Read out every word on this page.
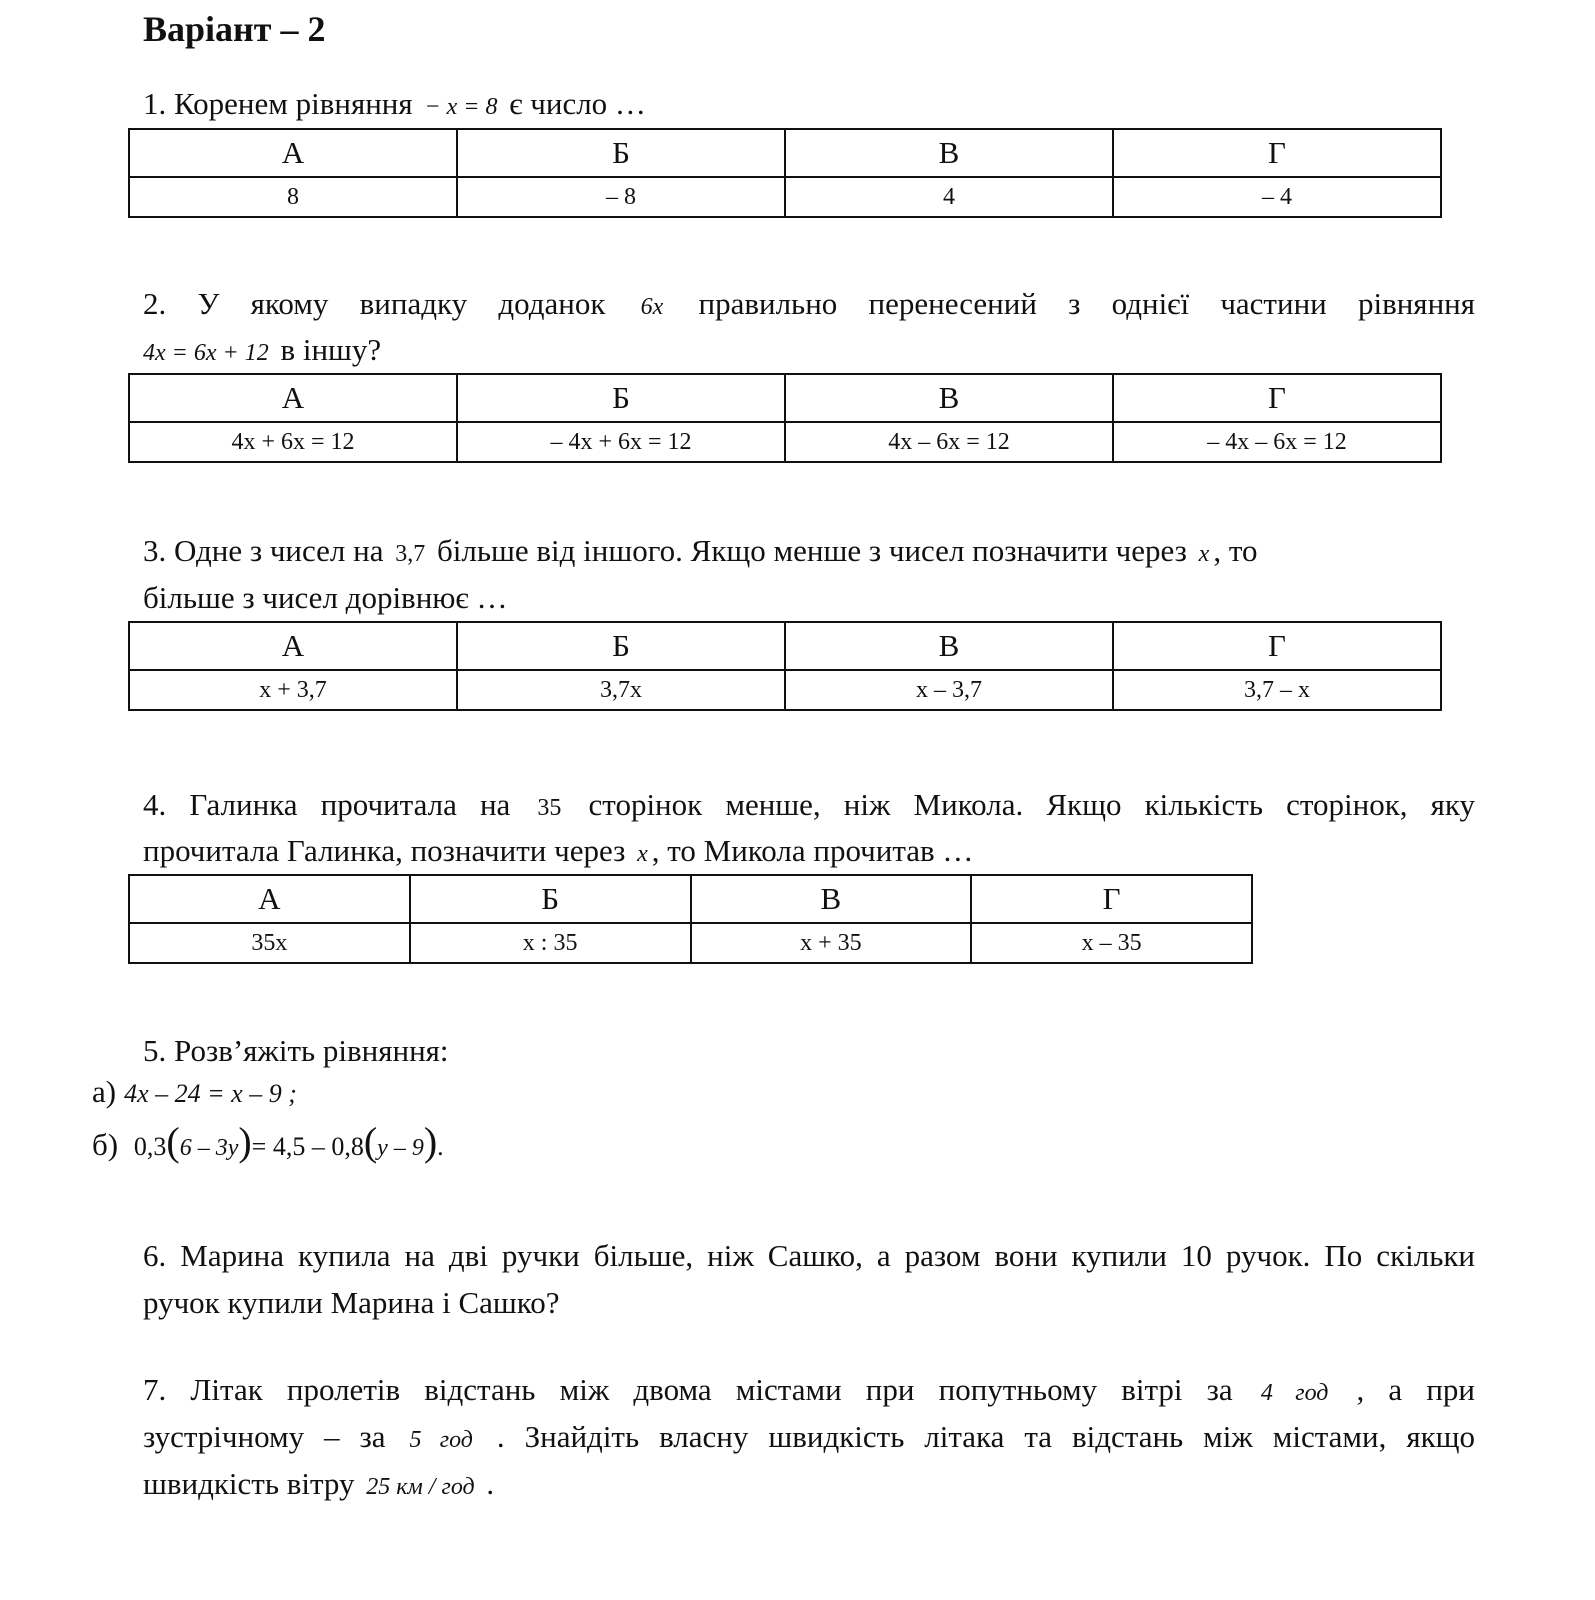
Варіант – 2
1. Коренем рівняння − x = 8 є число …
А	Б	В	Г
8	– 8	4	– 4
2. У якому випадку доданок 6x правильно перенесений з однієї частини рівняння
4x = 6x + 12 в іншу?
А	Б	В	Г
4x + 6x = 12	– 4x + 6x = 12	4x – 6x = 12	– 4x – 6x = 12
3. Одне з чисел на 3,7 більше від іншого. Якщо менше з чисел позначити через x , то
більше з чисел дорівнює …
А	Б	В	Г
x + 3,7	3,7x	x – 3,7	3,7 – x
4. Галинка прочитала на 35 сторінок менше, ніж Микола. Якщо кількість сторінок, яку
прочитала Галинка, позначити через x , то Микола прочитав …
А	Б	В	Г
35x	x : 35	x + 35	x – 35
5. Розв’яжіть рівняння:
а) 4x – 24 = x – 9 ;
б) 0,3(6 – 3y)= 4,5 – 0,8(y – 9).
6. Марина купила на дві ручки більше, ніж Сашко, а разом вони купили 10 ручок. По скільки
ручок купили Марина і Сашко?
7. Літак пролетів відстань між двома містами при попутньому вітрі за 4 год , а при
зустрічному – за 5 год . Знайдіть власну швидкість літака та відстань між містами, якщо
швидкість вітру 25 км / год .
